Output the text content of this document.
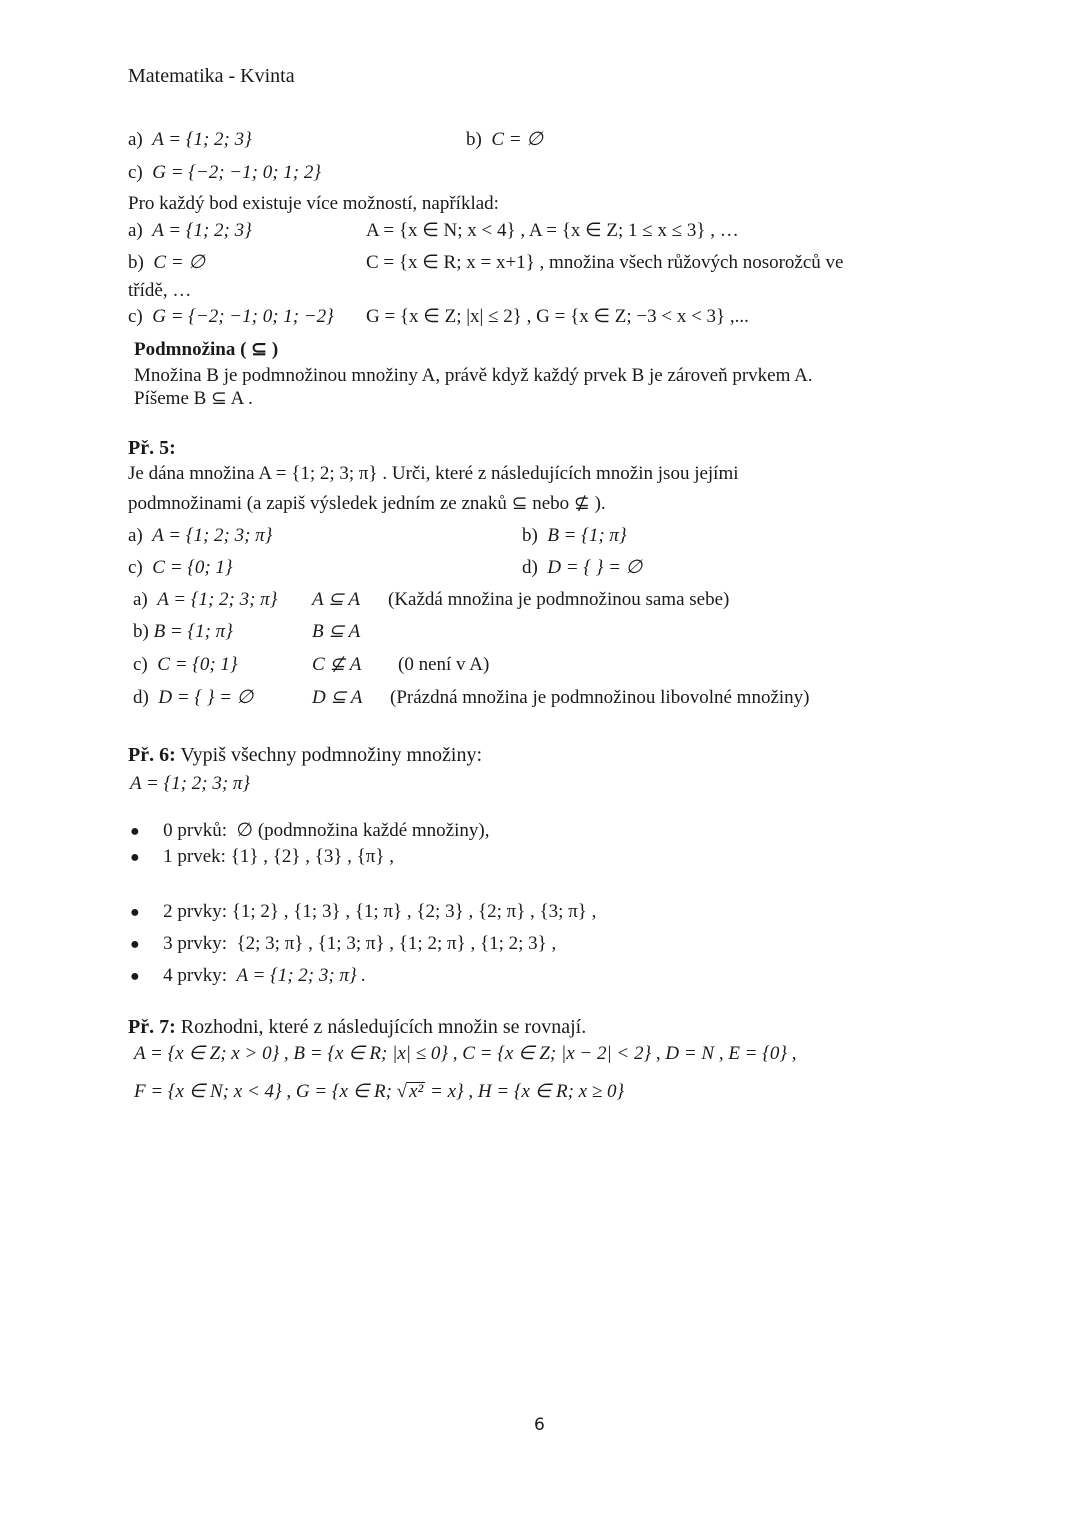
Matematika - Kvinta
a) A = {1; 2; 3}	b) C = ∅
c) G = {−2; −1; 0; 1; 2}
Pro každý bod existuje více možností, například:
a) A = {1; 2; 3}	A = {x ∈ N; x < 4} , A = {x ∈ Z; 1 ≤ x ≤ 3} , …
b) C = ∅	C = {x ∈ R; x = x+1} , množina všech růžových nosorožců ve
třídě, …
c) G = {−2; −1; 0; 1; −2} G = {x ∈ Z; |x| ≤ 2} , G = {x ∈ Z; −3 < x < 3} ,...
Podmnožina ( ⊆ )
Množina B je podmnožinou množiny A, právě když každý prvek B je zároveň prvkem A.
Píšeme B ⊆ A .
Př. 5:
Je dána množina A = {1; 2; 3; π} . Urči, které z následujících množin jsou jejími
podmnožinami (a zapiš výsledek jedním ze znaků ⊆ nebo ⊈ ).
a) A = {1; 2; 3; π}	b) B = {1; π}
c) C = {0; 1}	d) D = { } = ∅
a) A = {1; 2; 3; π} A ⊆ A (Každá množina je podmnožinou sama sebe)
b) B = {1; π}	B ⊆ A
c) C = {0; 1}	C ⊈ A (0 není v A)
d) D = { } = ∅	D ⊆ A (Prázdná množina je podmnožinou libovolné množiny)
Př. 6: Vypiš všechny podmnožiny množiny:
A = {1; 2; 3; π}
● 0 prvků: ∅ (podmnožina každé množiny),
● 1 prvek: {1} , {2} , {3} , {π} ,
● 2 prvky: {1; 2} , {1; 3} , {1; π} , {2; 3} , {2; π} , {3; π} ,
● 3 prvky: {2; 3; π} , {1; 3; π} , {1; 2; π} , {1; 2; 3} ,
● 4 prvky: A = {1; 2; 3; π} .
Př. 7: Rozhodni, které z následujících množin se rovnají.
A = {x ∈ Z; x > 0} , B = {x ∈ R; |x| ≤ 0} , C = {x ∈ Z; |x − 2| < 2} , D = N , E = {0} ,
F = {x ∈ N; x < 4} , G = {x ∈ R; √ x² = x} , H = {x ∈ R; x ≥ 0}
6
